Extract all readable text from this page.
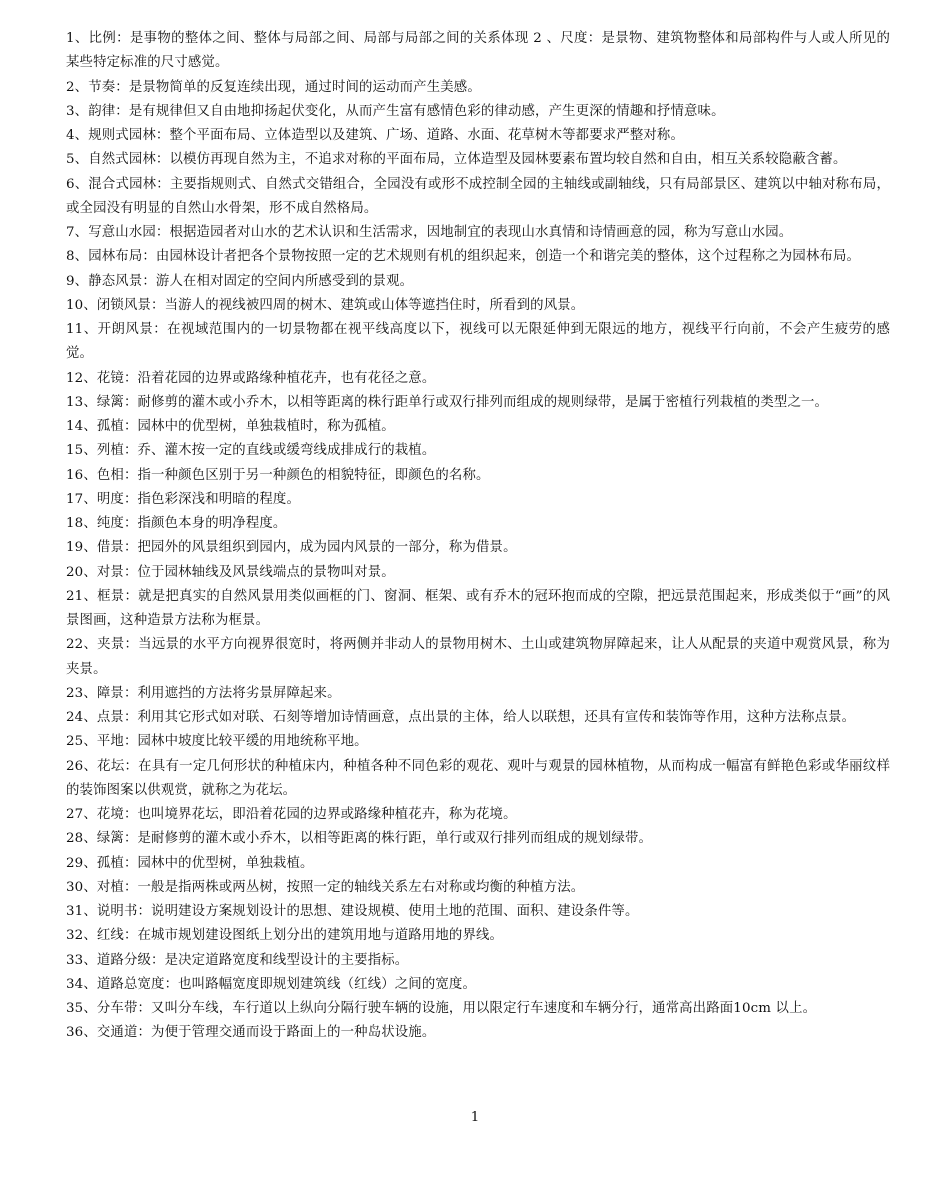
1、比例：是事物的整体之间、整体与局部之间、局部与局部之间的关系体现 2 、尺度：是景物、建筑物整体和局部构件与人或人所见的某些特定标准的尺寸感觉。

2、节奏：是景物简单的反复连续出现，通过时间的运动而产生美感。

3、韵律：是有规律但又自由地抑扬起伏变化，从而产生富有感情色彩的律动感，产生更深的情趣和抒情意味。

4、规则式园林：整个平面布局、立体造型以及建筑、广场、道路、水面、花草树木等都要求严整对称。

5、自然式园林：以模仿再现自然为主，不追求对称的平面布局，立体造型及园林要素布置均较自然和自由，相互关系较隐蔽含蓄。

6、混合式园林：主要指规则式、自然式交错组合，全园没有或形不成控制全园的主轴线或副轴线，只有局部景区、建筑以中轴对称布局，或全园没有明显的自然山水骨架，形不成自然格局。

7、写意山水园：根据造园者对山水的艺术认识和生活需求，因地制宜的表现山水真情和诗情画意的园，称为写意山水园。

8、园林布局：由园林设计者把各个景物按照一定的艺术规则有机的组织起来，创造一个和谐完美的整体，这个过程称之为园林布局。

9、静态风景：游人在相对固定的空间内所感受到的景观。

10、闭锁风景：当游人的视线被四周的树木、建筑或山体等遮挡住时，所看到的风景。

11、开朗风景：在视域范围内的一切景物都在视平线高度以下，视线可以无限延伸到无限远的地方，视线平行向前，不会产生疲劳的感觉。

12、花镜：沿着花园的边界或路缘种植花卉，也有花径之意。

13、绿篱：耐修剪的灌木或小乔木，以相等距离的株行距单行或双行排列而组成的规则绿带，是属于密植行列栽植的类型之一。

14、孤植：园林中的优型树，单独栽植时，称为孤植。

15、列植：乔、灌木按一定的直线或缓弯线成排成行的栽植。

16、色相：指一种颜色区别于另一种颜色的相貌特征，即颜色的名称。

17、明度：指色彩深浅和明暗的程度。

18、纯度：指颜色本身的明净程度。

19、借景：把园外的风景组织到园内，成为园内风景的一部分，称为借景。

20、对景：位于园林轴线及风景线端点的景物叫对景。

21、框景：就是把真实的自然风景用类似画框的门、窗洞、框架、或有乔木的冠环抱而成的空隙，把远景范围起来，形成类似于“画”的风景图画，这种造景方法称为框景。

22、夹景：当远景的水平方向视界很宽时，将两侧并非动人的景物用树木、土山或建筑物屏障起来，让人从配景的夹道中观赏风景，称为夹景。

23、障景：利用遮挡的方法将劣景屏障起来。

24、点景：利用其它形式如对联、石刻等增加诗情画意，点出景的主体，给人以联想，还具有宣传和装饰等作用，这种方法称点景。

25、平地：园林中坡度比较平缓的用地统称平地。

26、花坛：在具有一定几何形状的种植床内，种植各种不同色彩的观花、观叶与观景的园林植物，从而构成一幅富有鲜艳色彩或华丽纹样的装饰图案以供观赏，就称之为花坛。

27、花境：也叫境界花坛，即沿着花园的边界或路缘种植花卉，称为花境。

28、绿篱：是耐修剪的灌木或小乔木，以相等距离的株行距，单行或双行排列而组成的规划绿带。

29、孤植：园林中的优型树，单独栽植。

30、对植：一般是指两株或两丛树，按照一定的轴线关系左右对称或均衡的种植方法。

31、说明书：说明建设方案规划设计的思想、建设规模、使用土地的范围、面积、建设条件等。

32、红线：在城市规划建设图纸上划分出的建筑用地与道路用地的界线。

33、道路分级：是决定道路宽度和线型设计的主要指标。

34、道路总宽度：也叫路幅宽度即规划建筑线（红线）之间的宽度。

35、分车带：又叫分车线，车行道以上纵向分隔行驶车辆的设施，用以限定行车速度和车辆分行，通常高出路面10cm 以上。

36、交通道：为便于管理交通而设于路面上的一种岛状设施。

1
